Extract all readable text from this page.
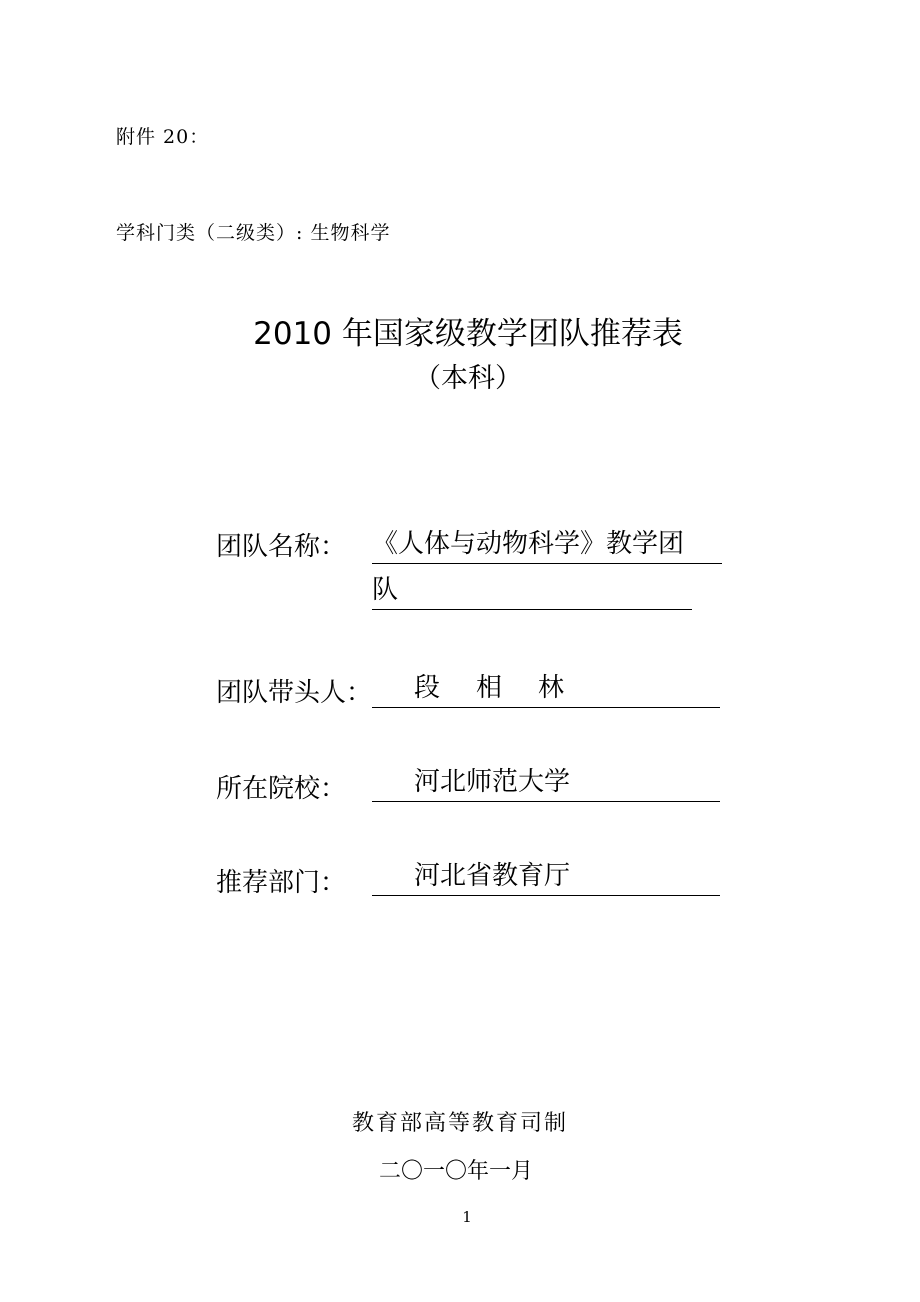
附件 20：
学科门类（二级类）: 生物科学
2010 年国家级教学团队推荐表
（本科）
团队名称： 《人体与动物科学》教学团
队
团队带头人：	段相林
所在院校：	河北师范大学
推荐部门：	河北省教育厅
教育部高等教育司制
二〇一〇年一月
1
